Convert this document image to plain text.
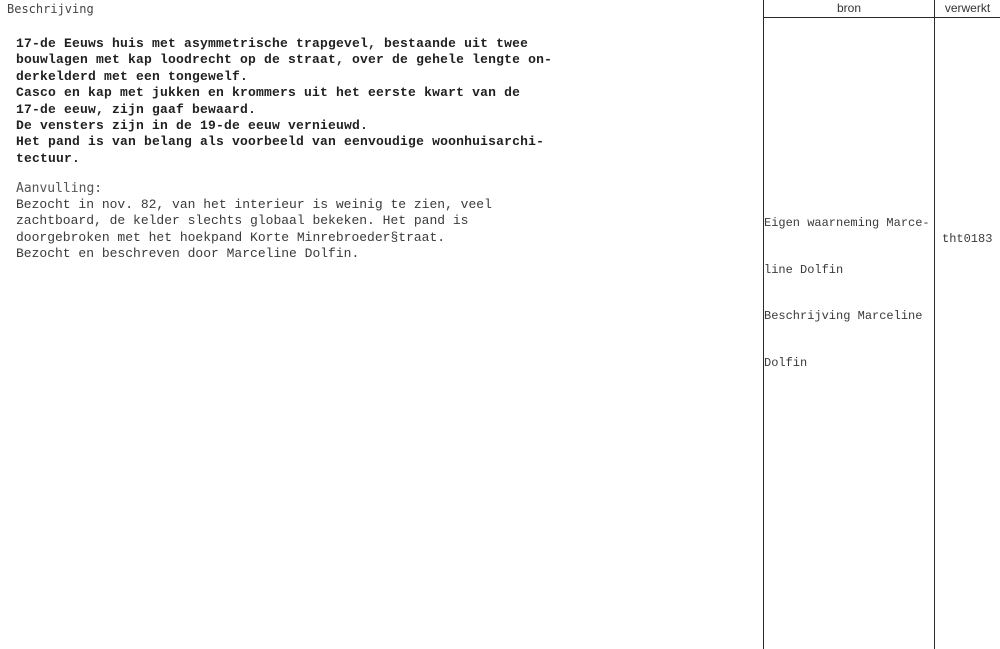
Beschrijving	bron	verwerkt
17-de Eeuws huis met asymmetrische trapgevel, bestaande uit twee
bouwlagen met kap loodrecht op de straat, over de gehele lengte on-
derkelderd met een tongewelf.
Casco en kap met jukken en krommers uit het eerste kwart van de
17-de eeuw, zijn gaaf bewaard.
De vensters zijn in de 19-de eeuw vernieuwd.
Het pand is van belang als voorbeeld van eenvoudige woonhuisarchi-
tectuur.
Aanvulling:
Bezocht in nov. 82, van het interieur is weinig te zien, veel
zachtboard, de kelder slechts globaal bekeken. Het pand is
doorgebroken met het hoekpand Korte Minrebroeder§traat.
Bezocht en beschreven door Marceline Dolfin.

Eigen waarneming Marce-

line Dolfin

Beschrijving Marceline

Dolfin

tht0183
